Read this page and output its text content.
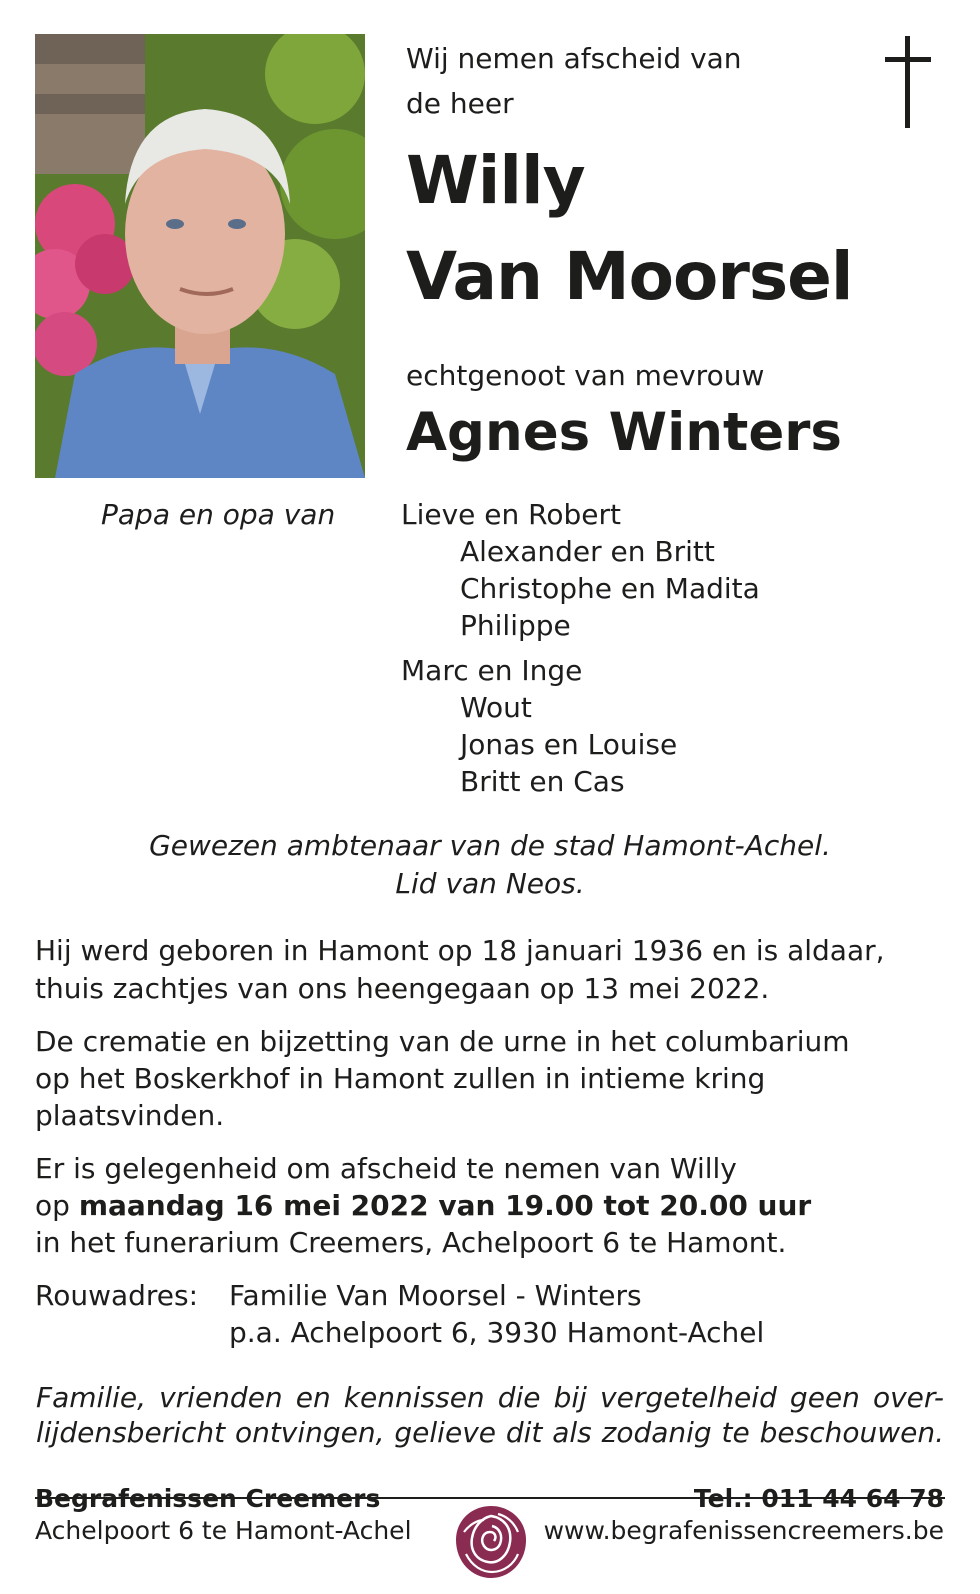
Wij nemen afscheid van
de heer
Willy
Van Moorsel
echtgenoot van mevrouw
Agnes Winters
Papa en opa van Lieve en Robert
Alexander en Britt
Christophe en Madita
Philippe
Marc en Inge
Wout
Jonas en Louise
Britt en Cas
Gewezen ambtenaar van de stad Hamont-Achel.
Lid van Neos.
Hij werd geboren in Hamont op 18 januari 1936 en is aldaar,
thuis zachtjes van ons heengegaan op 13 mei 2022.
De crematie en bijzetting van de urne in het columbarium
op het Boskerkhof in Hamont zullen in intieme kring
plaatsvinden.
Er is gelegenheid om afscheid te nemen van Willy
op maandag 16 mei 2022 van 19.00 tot 20.00 uur
in het funerarium Creemers, Achelpoort 6 te Hamont.
Rouwadres: Familie Van Moorsel - Winters
p.a. Achelpoort 6, 3930 Hamont-Achel
Familie, vrienden en kennissen die bij vergetelheid geen over-
lijdensbericht ontvingen, gelieve dit als zodanig te beschouwen.
Begrafenissen Creemers
Achelpoort 6 te Hamont-Achel
Tel.: 011 44 64 78
www.begrafenissencreemers.be
